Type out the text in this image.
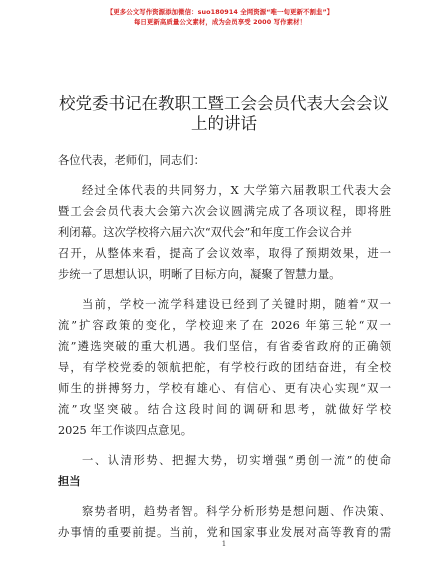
【更多公文写作资源添加微信：suo180914 全网资源“唯一旬更新不割韭”】
每日更新高质量公文素材，成为会员享受 2000 写作素材！
校党委书记在教职工暨工会会员代表大会会议
上的讲话
各位代表，老师们，同志们：
经过全体代表的共同努力，X 大学第六届教职工代表大会
暨工会会员代表大会第六次会议圆满完成了各项议程，即将胜
利闭幕。这次学校将六届六次“双代会”和年度工作会议合并
召开，从整体来看，提高了会议效率，取得了预期效果，进一
步统一了思想认识，明晰了目标方向，凝聚了智慧力量。
当前，学校一流学科建设已经到了关键时期，随着“双一
流”扩容政策的变化，学校迎来了在 2026 年第三轮“双一
流”遴选突破的重大机遇。我们坚信，有省委省政府的正确领
导，有学校党委的领航把舵，有学校行政的团结奋进，有全校
师生的拼搏努力，学校有雄心、有信心、更有决心实现“双一
流”攻坚突破。结合这段时间的调研和思考，就做好学校
2025 年工作谈四点意见。
一、认清形势、把握大势，切实增强“勇创一流”的使命
担当
察势者明，趋势者智。科学分析形势是想问题、作决策、
办事情的重要前提。当前，党和国家事业发展对高等教育的需
1
